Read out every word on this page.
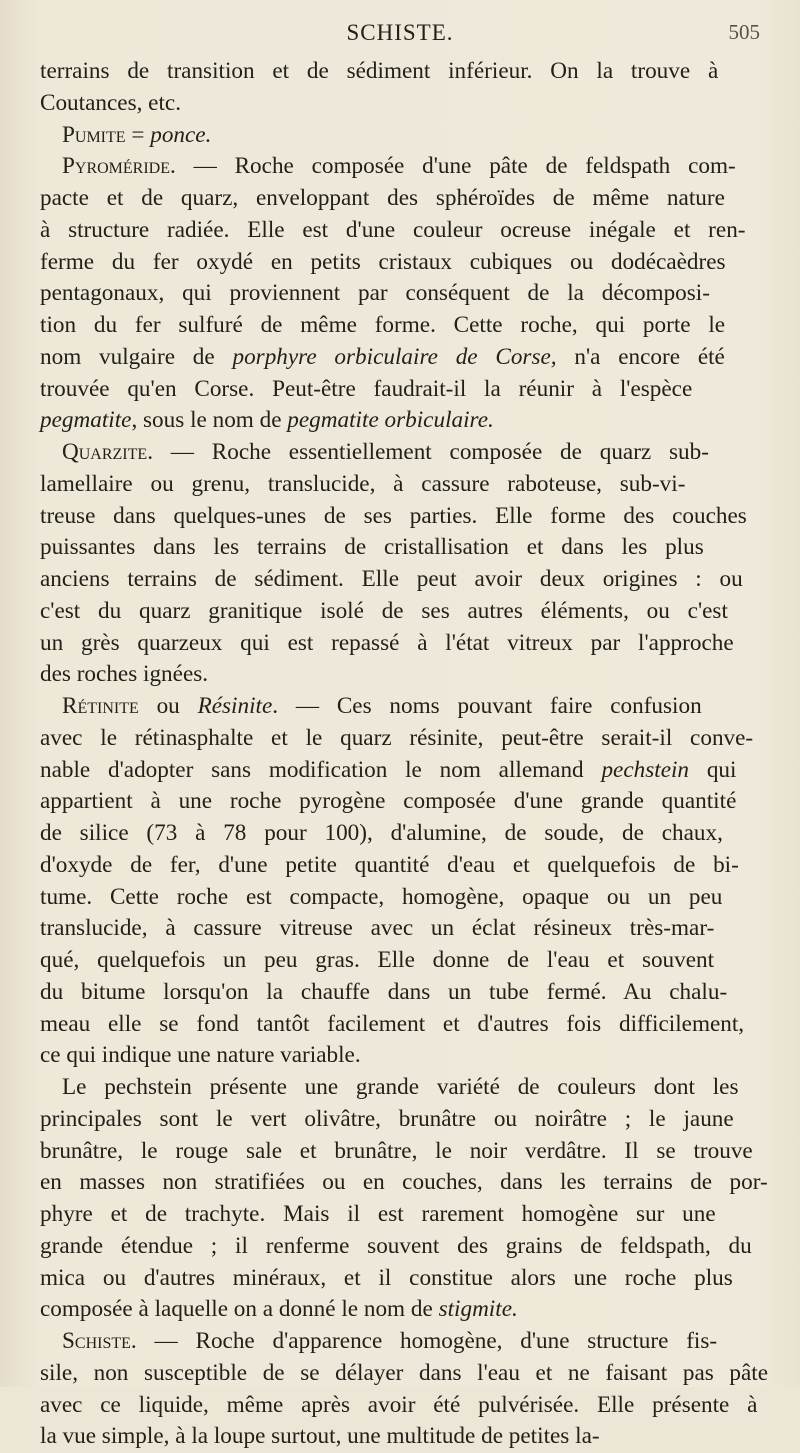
SCHISTE.	505
terrains de transition et de sédiment inférieur. On la trouve à
Coutances, etc.
Pumite = ponce.
Pyroméride. — Roche composée d'une pâte de feldspath com-
pacte et de quarz, enveloppant des sphéroïdes de même nature
à structure radiée. Elle est d'une couleur ocreuse inégale et ren-
ferme du fer oxydé en petits cristaux cubiques ou dodécaèdres
pentagonaux, qui proviennent par conséquent de la décomposi-
tion du fer sulfuré de même forme. Cette roche, qui porte le
nom vulgaire de porphyre orbiculaire de Corse, n'a encore été
trouvée qu'en Corse. Peut-être faudrait-il la réunir à l'espèce
pegmatite, sous le nom de pegmatite orbiculaire.
Quarzite. — Roche essentiellement composée de quarz sub-
lamellaire ou grenu, translucide, à cassure raboteuse, sub-vi-
treuse dans quelques-unes de ses parties. Elle forme des couches
puissantes dans les terrains de cristallisation et dans les plus
anciens terrains de sédiment. Elle peut avoir deux origines : ou
c'est du quarz granitique isolé de ses autres éléments, ou c'est
un grès quarzeux qui est repassé à l'état vitreux par l'approche
des roches ignées.
Rétinite ou Résinite. — Ces noms pouvant faire confusion
avec le rétinasphalte et le quarz résinite, peut-être serait-il conve-
nable d'adopter sans modification le nom allemand pechstein qui
appartient à une roche pyrogène composée d'une grande quantité
de silice (73 à 78 pour 100), d'alumine, de soude, de chaux,
d'oxyde de fer, d'une petite quantité d'eau et quelquefois de bi-
tume. Cette roche est compacte, homogène, opaque ou un peu
translucide, à cassure vitreuse avec un éclat résineux très-mar-
qué, quelquefois un peu gras. Elle donne de l'eau et souvent
du bitume lorsqu'on la chauffe dans un tube fermé. Au chalu-
meau elle se fond tantôt facilement et d'autres fois difficilement,
ce qui indique une nature variable.
Le pechstein présente une grande variété de couleurs dont les
principales sont le vert olivâtre, brunâtre ou noirâtre ; le jaune
brunâtre, le rouge sale et brunâtre, le noir verdâtre. Il se trouve
en masses non stratifiées ou en couches, dans les terrains de por-
phyre et de trachyte. Mais il est rarement homogène sur une
grande étendue ; il renferme souvent des grains de feldspath, du
mica ou d'autres minéraux, et il constitue alors une roche plus
composée à laquelle on a donné le nom de stigmite.
Schiste. — Roche d'apparence homogène, d'une structure fis-
sile, non susceptible de se délayer dans l'eau et ne faisant pas pâte
avec ce liquide, même après avoir été pulvérisée. Elle présente à
la vue simple, à la loupe surtout, une multitude de petites la-
